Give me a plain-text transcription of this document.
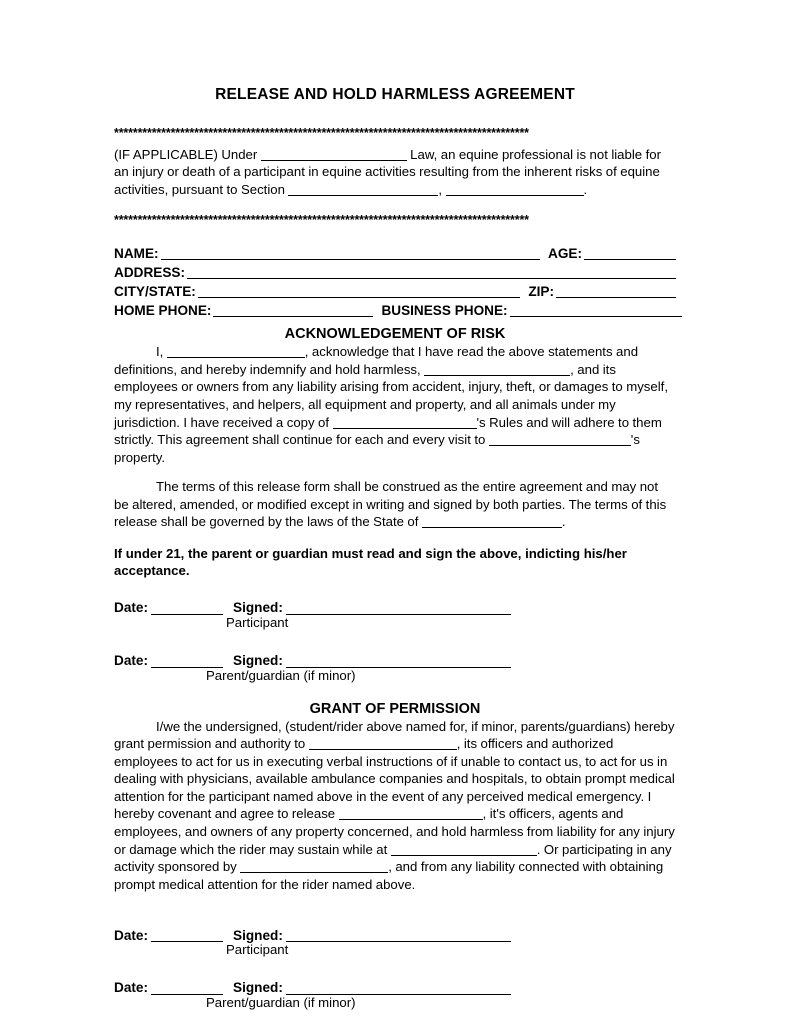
RELEASE AND HOLD HARMLESS AGREEMENT
****************************************************************************************

(IF APPLICABLE) Under	Law, an equine professional is not liable for an injury or death of a participant in equine activities resulting from the inherent risks of equine activities, pursuant to Section	,	.

****************************************************************************************
NAME:	AGE:
ADDRESS:
CITY/STATE:	ZIP:
HOME PHONE:	BUSINESS PHONE:
ACKNOWLEDGEMENT OF RISK

I,	, acknowledge that I have read the above statements and definitions, and hereby indemnify and hold harmless,	, and its employees or owners from any liability arising from accident, injury, theft, or damages to myself, my representatives, and helpers, all equipment and property, and all animals under my jurisdiction. I have received a copy of	's Rules and will adhere to them strictly. This agreement shall continue for each and every visit to	's property.

The terms of this release form shall be construed as the entire agreement and may not be altered, amended, or modified except in writing and signed by both parties. The terms of this release shall be governed by the laws of the State of	.

If under 21, the parent or guardian must read and sign the above, indicting his/her acceptance.

Date:	Signed:
Participant
Date:	Signed:
Parent/guardian (if minor)
GRANT OF PERMISSION

I/we the undersigned, (student/rider above named for, if minor, parents/guardians) hereby grant permission and authority to	, its officers and authorized employees to act for us in executing verbal instructions of if unable to contact us, to act for us in dealing with physicians, available ambulance companies and hospitals, to obtain prompt medical attention for the participant named above in the event of any perceived medical emergency. I hereby covenant and agree to release	, it's officers, agents and employees, and owners of any property concerned, and hold harmless from liability for any injury or damage which the rider may sustain while at	. Or participating in any activity sponsored by	, and from any liability connected with obtaining prompt medical attention for the rider named above.

Date:	Signed:
Participant
Date:	Signed:
Parent/guardian (if minor)
